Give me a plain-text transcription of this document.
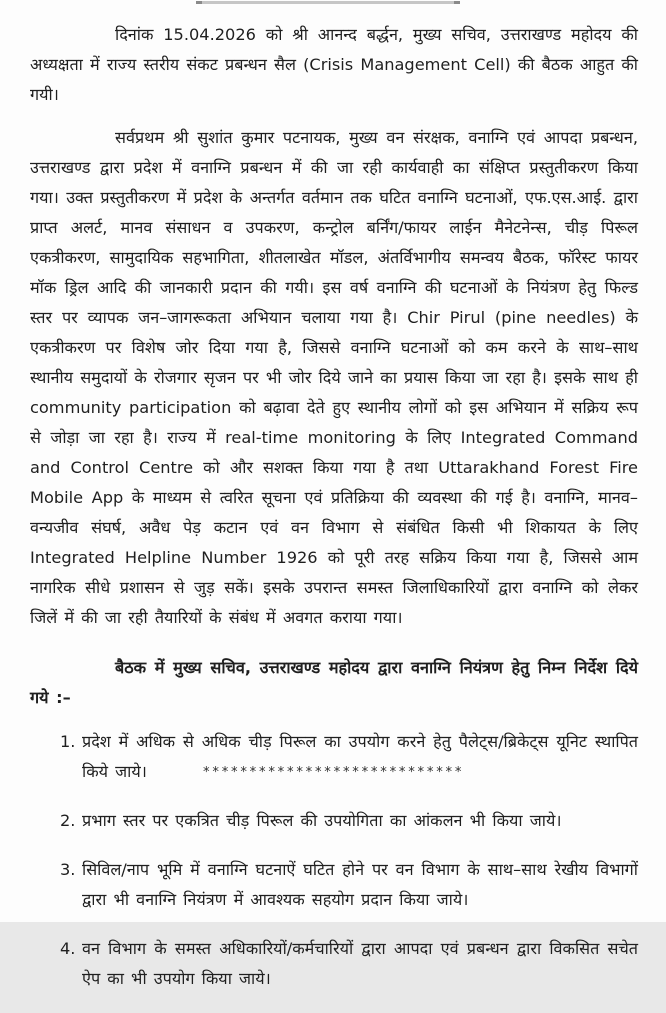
दिनांक 15.04.2026 को श्री आनन्द बर्द्धन, मुख्य सचिव, उत्तराखण्ड महोदय की अध्यक्षता में राज्य स्तरीय संकट प्रबन्धन सैल (Crisis Management Cell) की बैठक आहुत की गयी।

सर्वप्रथम श्री सुशांत कुमार पटनायक, मुख्य वन संरक्षक, वनाग्नि एवं आपदा प्रबन्धन, उत्तराखण्ड द्वारा प्रदेश में वनाग्नि प्रबन्धन में की जा रही कार्यवाही का संक्षिप्त प्रस्तुतीकरण किया गया। उक्त प्रस्तुतीकरण में प्रदेश के अन्तर्गत वर्तमान तक घटित वनाग्नि घटनाओं, एफ.एस.आई. द्वारा प्राप्त अलर्ट, मानव संसाधन व उपकरण, कन्ट्रोल बर्निंग/फायर लाईन मैनेटनेन्स, चीड़ पिरूल एकत्रीकरण, सामुदायिक सहभागिता, शीतलाखेत मॉडल, अंतर्विभागीय समन्वय बैठक, फॉरेस्ट फायर मॉक ड्रिल आदि की जानकारी प्रदान की गयी। इस वर्ष वनाग्नि की घटनाओं के नियंत्रण हेतु फिल्ड स्तर पर व्यापक जन–जागरूकता अभियान चलाया गया है। Chir Pirul (pine needles) के एकत्रीकरण पर विशेष जोर दिया गया है, जिससे वनाग्नि घटनाओं को कम करने के साथ–साथ स्थानीय समुदायों के रोजगार सृजन पर भी जोर दिये जाने का प्रयास किया जा रहा है। इसके साथ ही community participation को बढ़ावा देते हुए स्थानीय लोगों को इस अभियान में सक्रिय रूप से जोड़ा जा रहा है। राज्य में real-time monitoring के लिए Integrated Command and Control Centre को और सशक्त किया गया है तथा Uttarakhand Forest Fire Mobile App के माध्यम से त्वरित सूचना एवं प्रतिक्रिया की व्यवस्था की गई है। वनाग्नि, मानव–वन्यजीव संघर्ष, अवैध पेड़ कटान एवं वन विभाग से संबंधित किसी भी शिकायत के लिए Integrated Helpline Number 1926 को पूरी तरह सक्रिय किया गया है, जिससे आम नागरिक सीधे प्रशासन से जुड़ सकें। इसके उपरान्त समस्त जिलाधिकारियों द्वारा वनाग्नि को लेकर जिलें में की जा रही तैयारियों के संबंध में अवगत कराया गया।

बैठक में मुख्य सचिव, उत्तराखण्ड महोदय द्वारा वनाग्नि नियंत्रण हेतु निम्न निर्देश दिये गये :–

1. प्रदेश में अधिक से अधिक चीड़ पिरूल का उपयोग करने हेतु पैलेट्स/ब्रिकेट्स यूनिट स्थापित किये जाये।
2. प्रभाग स्तर पर एकत्रित चीड़ पिरूल की उपयोगिता का आंकलन भी किया जाये।
3. सिविल/नाप भूमि में वनाग्नि घटनाऐं घटित होने पर वन विभाग के साथ–साथ रेखीय विभागों द्वारा भी वनाग्नि नियंत्रण में आवश्यक सहयोग प्रदान किया जाये।
4. वन विभाग के समस्त अधिकारियों/कर्मचारियों द्वारा आपदा एवं प्रबन्धन द्वारा विकसित सचेत ऐप का भी उपयोग किया जाये।
****************************
